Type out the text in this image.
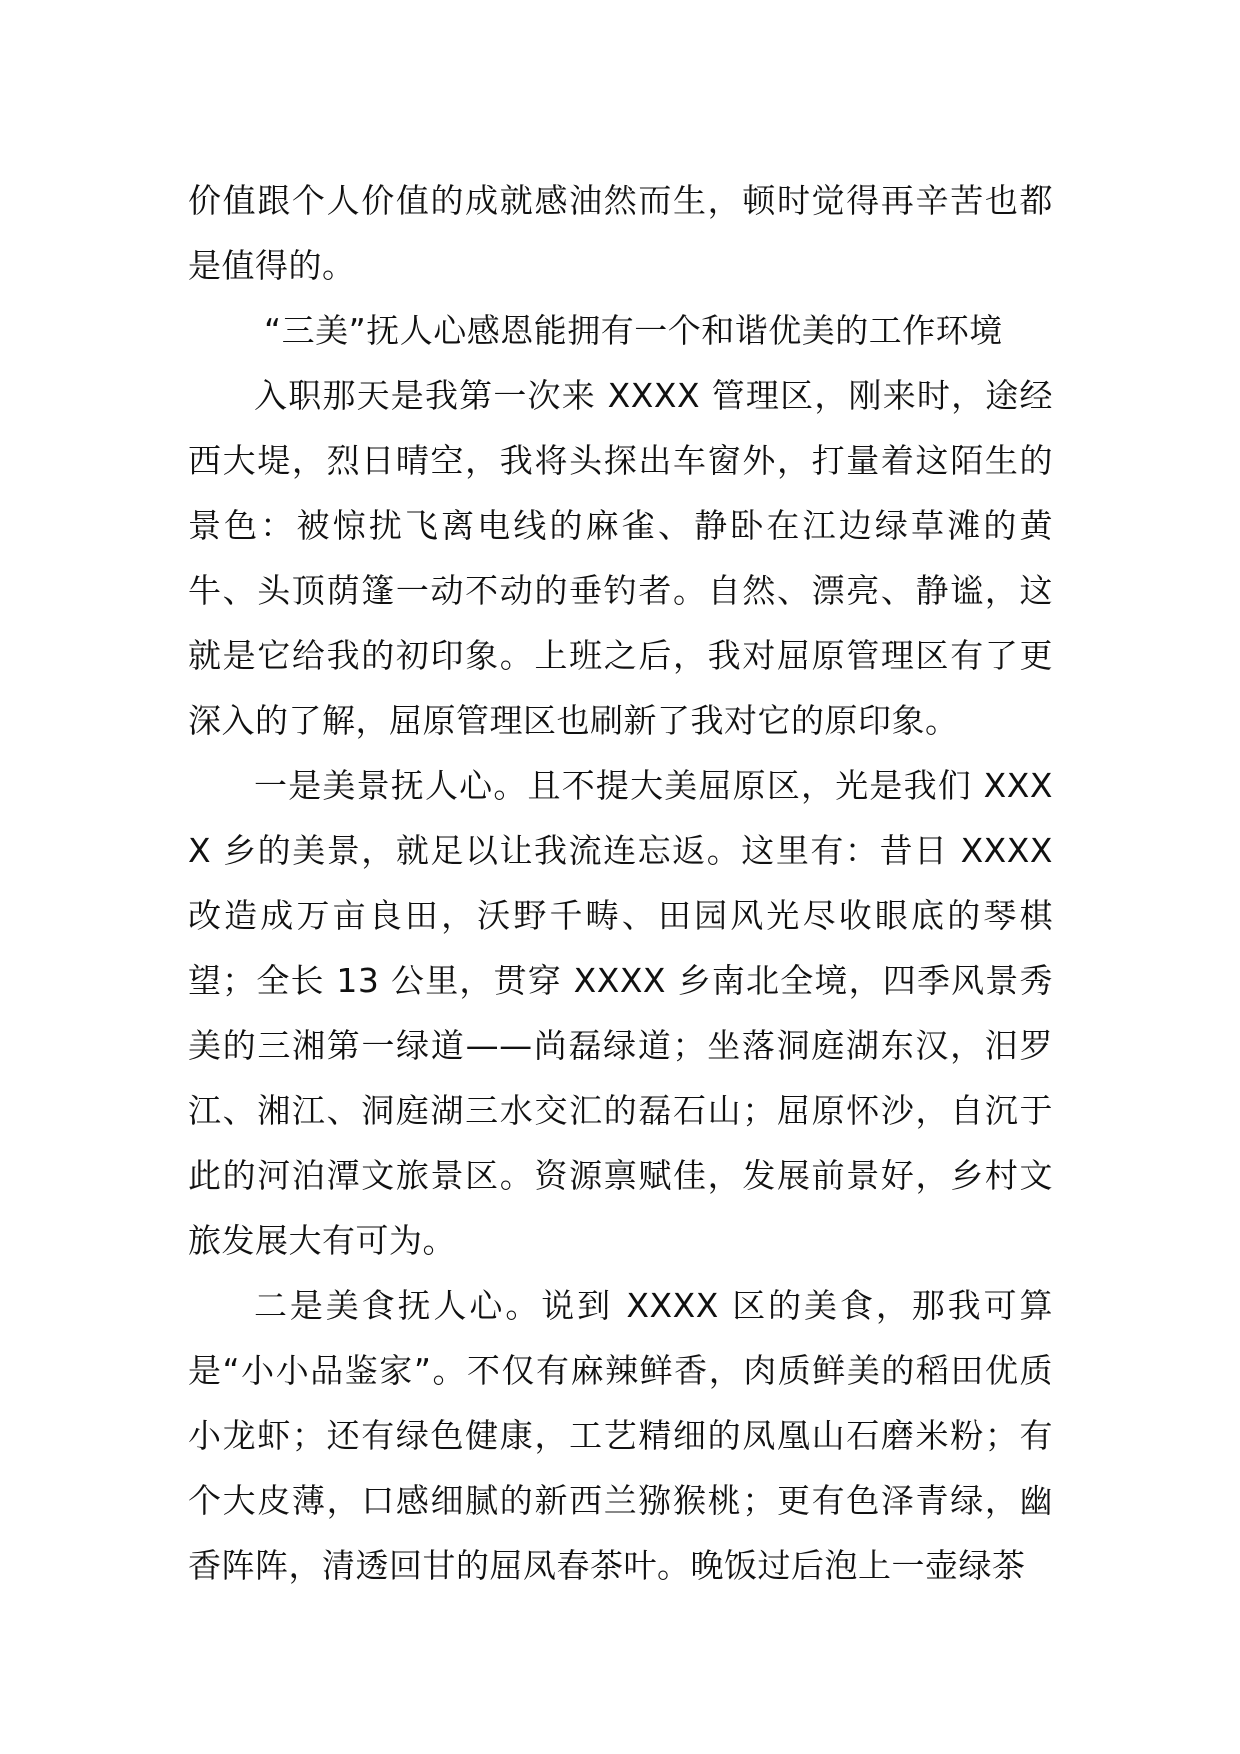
价值跟个人价值的成就感油然而生，顿时觉得再辛苦也都是值得的。

“三美”抚人心感恩能拥有一个和谐优美的工作环境

入职那天是我第一次来 XXXX 管理区，刚来时，途经西大堤，烈日晴空，我将头探出车窗外，打量着这陌生的景色：被惊扰飞离电线的麻雀、静卧在江边绿草滩的黄牛、头顶荫篷一动不动的垂钓者。自然、漂亮、静谧，这就是它给我的初印象。上班之后，我对屈原管理区有了更深入的了解，屈原管理区也刷新了我对它的原印象。

一是美景抚人心。且不提大美屈原区，光是我们 XXXX 乡的美景，就足以让我流连忘返。这里有：昔日 XXXX 改造成万亩良田，沃野千畴、田园风光尽收眼底的琴棋望；全长 13 公里，贯穿 XXXX 乡南北全境，四季风景秀美的三湘第一绿道——尚磊绿道；坐落洞庭湖东汉，汨罗江、湘江、洞庭湖三水交汇的磊石山；屈原怀沙，自沉于此的河泊潭文旅景区。资源禀赋佳，发展前景好，乡村文旅发展大有可为。

二是美食抚人心。说到 XXXX 区的美食，那我可算是“小小品鉴家”。不仅有麻辣鲜香，肉质鲜美的稻田优质小龙虾；还有绿色健康，工艺精细的凤凰山石磨米粉；有个大皮薄，口感细腻的新西兰猕猴桃；更有色泽青绿，幽香阵阵，清透回甘的屈凤春茶叶。晚饭过后泡上一壶绿茶
